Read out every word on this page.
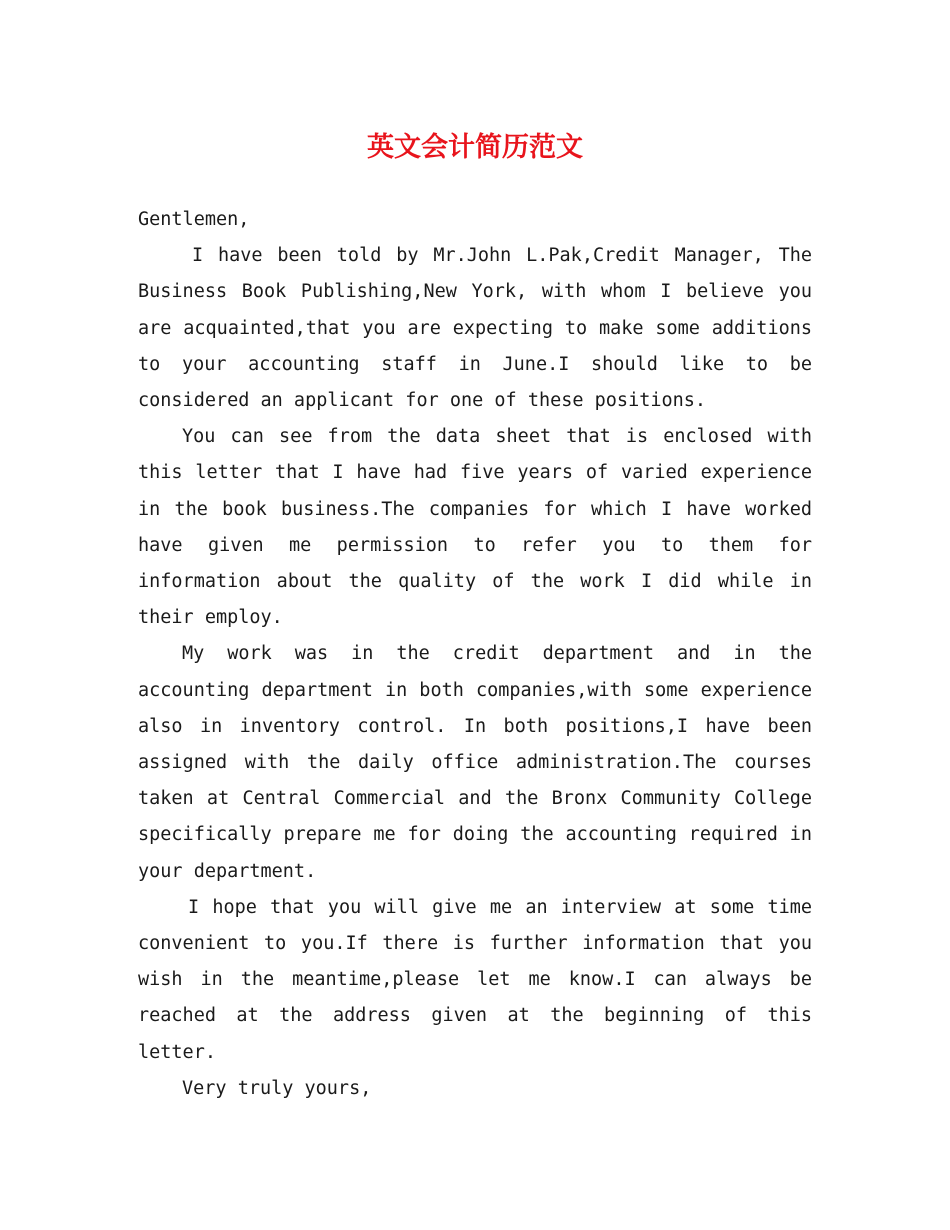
英文会计简历范文

Gentlemen,

I have been told by Mr.John L.Pak,Credit Manager, The Business Book Publishing,New York, with whom I believe you are acquainted,that you are expecting to make some additions to your accounting staff in June.I should like to be considered an applicant for one of these positions.

You can see from the data sheet that is enclosed with this letter that I have had five years of varied experience in the book business.The companies for which I have worked have given me permission to refer you to them for information about the quality of the work I did while in their employ.

My work was in the credit department and in the accounting department in both companies,with some experience also in inventory control. In both positions,I have been assigned with the daily office administration.The courses taken at Central Commercial and the Bronx Community College specifically prepare me for doing the accounting required in your department.

I hope that you will give me an interview at some time convenient to you.If there is further information that you wish in the meantime,please let me know.I can always be reached at the address given at the beginning of this letter.

Very truly yours,
